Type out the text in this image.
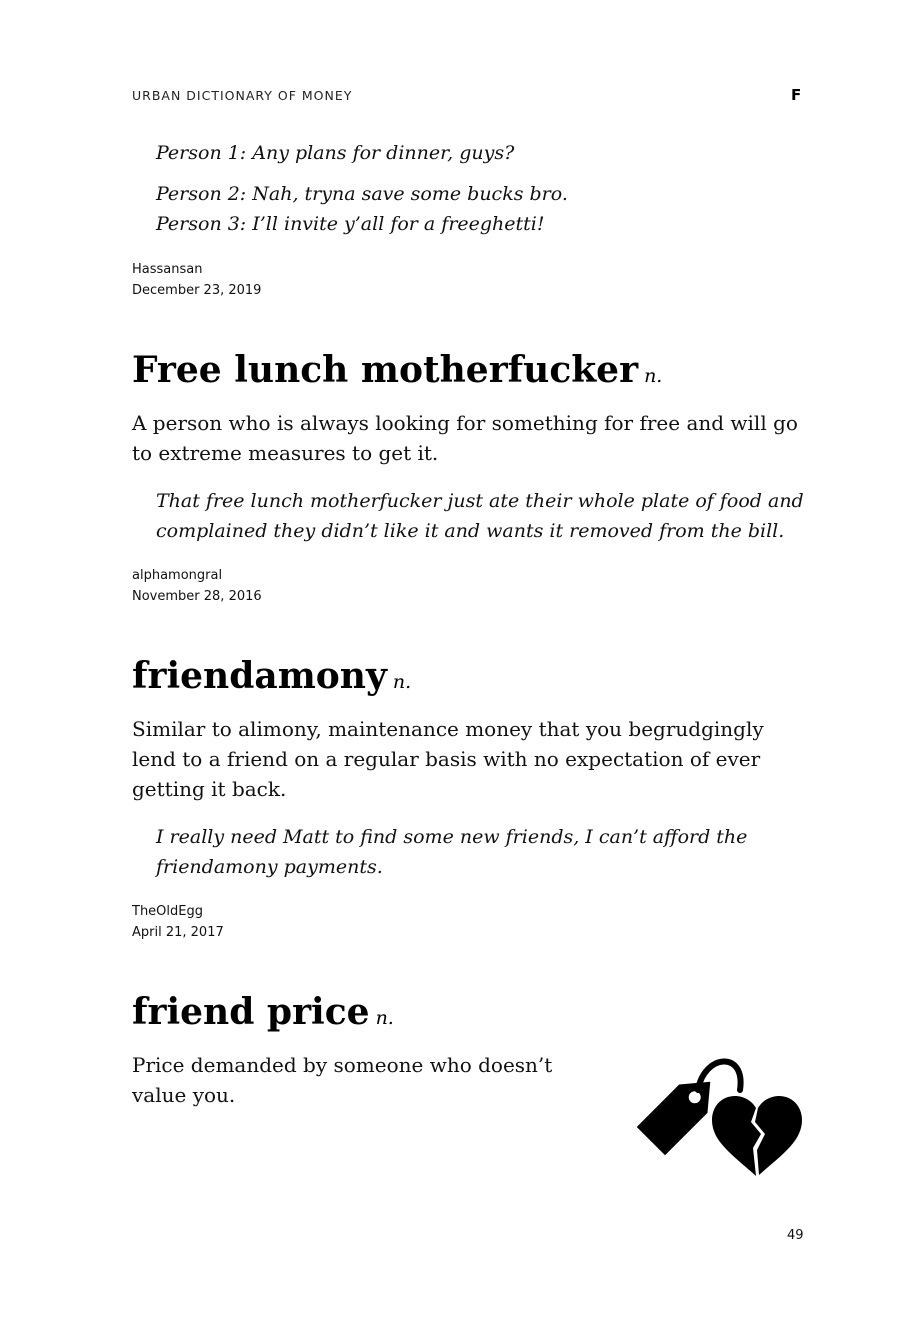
URBAN DICTIONARY OF MONEY	F
Person 1: Any plans for dinner, guys?
Person 2: Nah, tryna save some bucks bro.
Person 3: I’ll invite y’all for a freeghetti!
Hassansan
December 23, 2019
Free lunch motherfucker n.
A person who is always looking for something for free and will go to extreme measures to get it.
That free lunch motherfucker just ate their whole plate of food and complained they didn’t like it and wants it removed from the bill.
alphamongral
November 28, 2016
friendamony n.
Similar to alimony, maintenance money that you begrudgingly lend to a friend on a regular basis with no expectation of ever getting it back.
I really need Matt to find some new friends, I can’t afford the friendamony payments.
TheOldEgg
April 21, 2017
friend price n.
Price demanded by someone who doesn’t value you.
49
